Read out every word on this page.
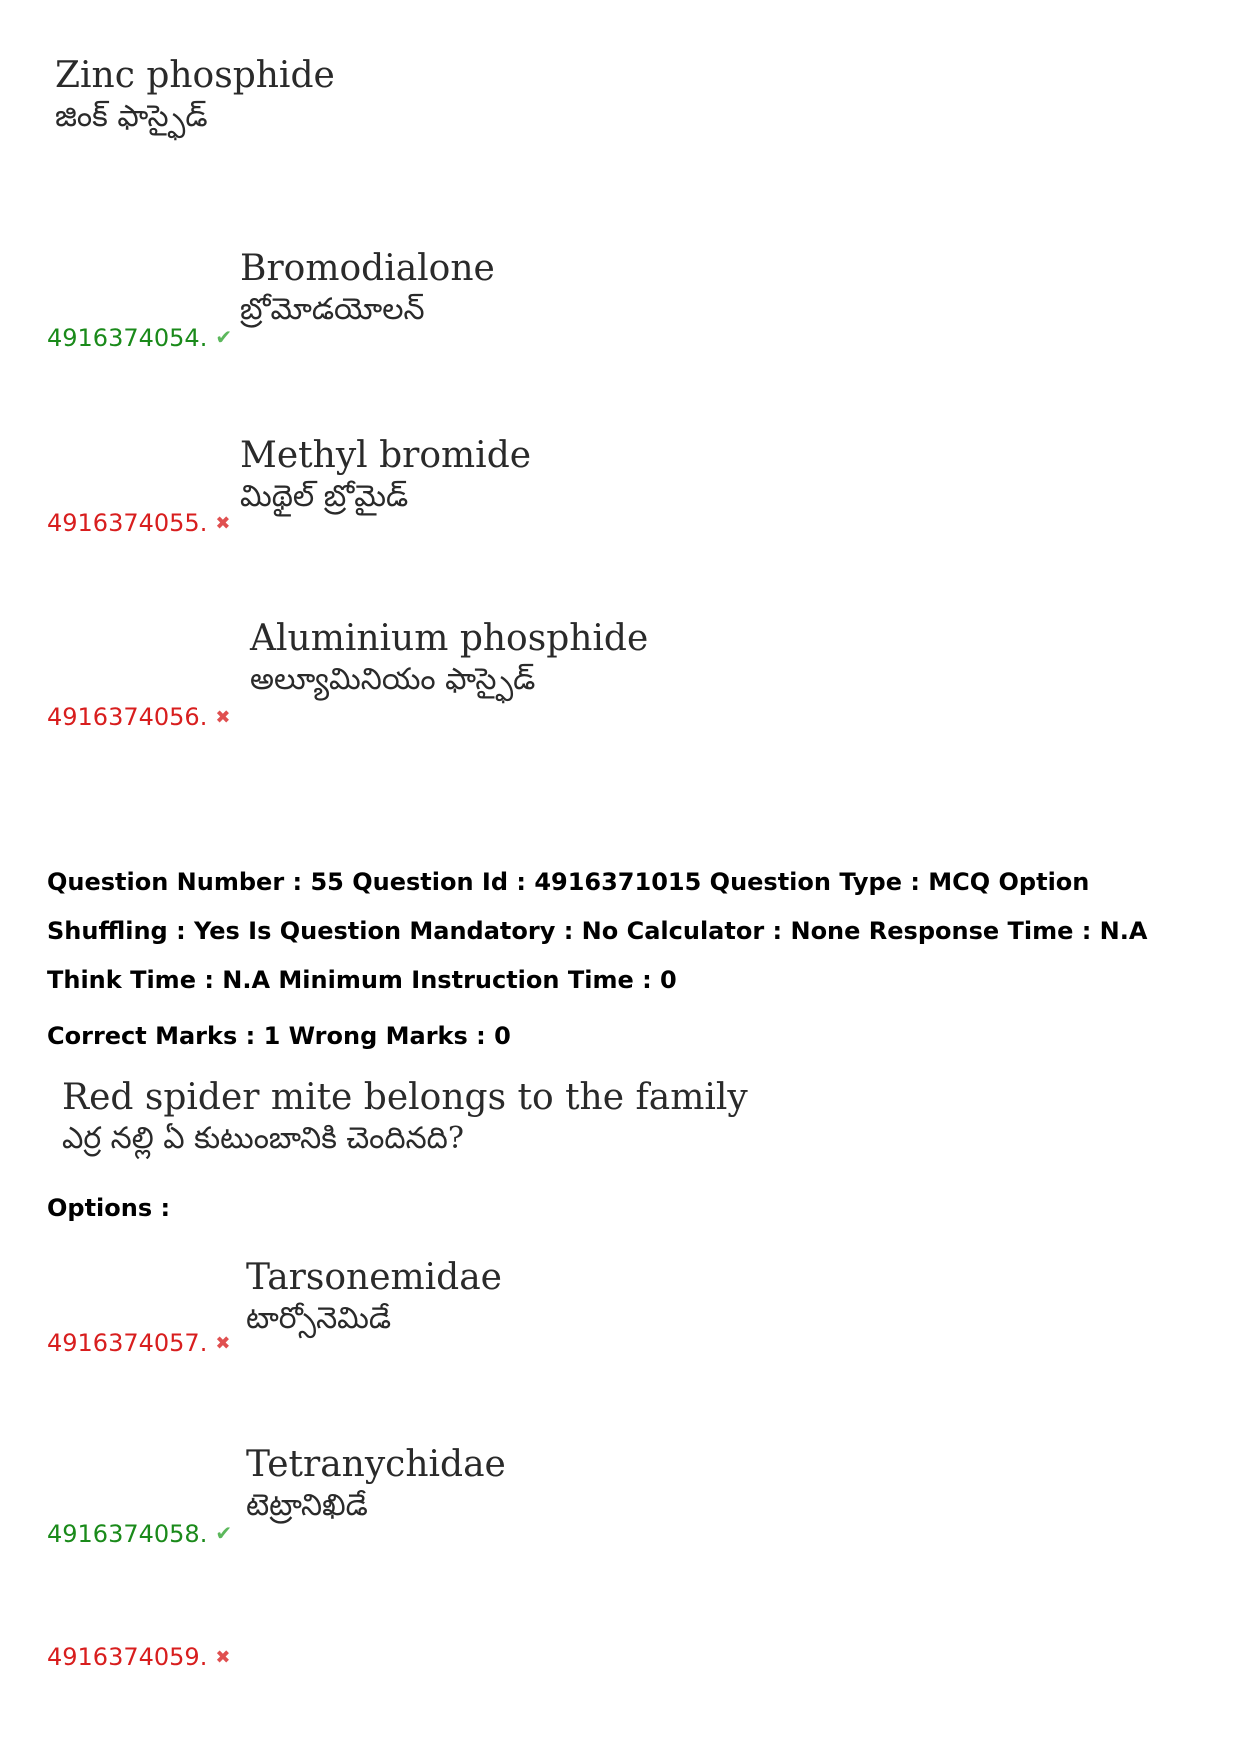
Zinc phosphide
జింక్ ఫాస్ఫైడ్
Bromodialone
బ్రోమోడయోలన్
4916374054. ✔
Methyl bromide
మిథైల్ బ్రోమైడ్
4916374055. ✖
Aluminium phosphide
అల్యూమినియం ఫాస్ఫైడ్
4916374056. ✖
Question Number : 55 Question Id : 4916371015 Question Type : MCQ Option Shuffling : Yes Is Question Mandatory : No Calculator : None Response Time : N.A Think Time : N.A Minimum Instruction Time : 0
Correct Marks : 1 Wrong Marks : 0
Red spider mite belongs to the family
ఎర్ర నల్లి ఏ కుటుంబానికి చెందినది?
Options :
Tarsonemidae
టార్సోనెమిడే
4916374057. ✖
Tetranychidae
టెట్రానిఖిడే
4916374058. ✔
4916374059. ✖
